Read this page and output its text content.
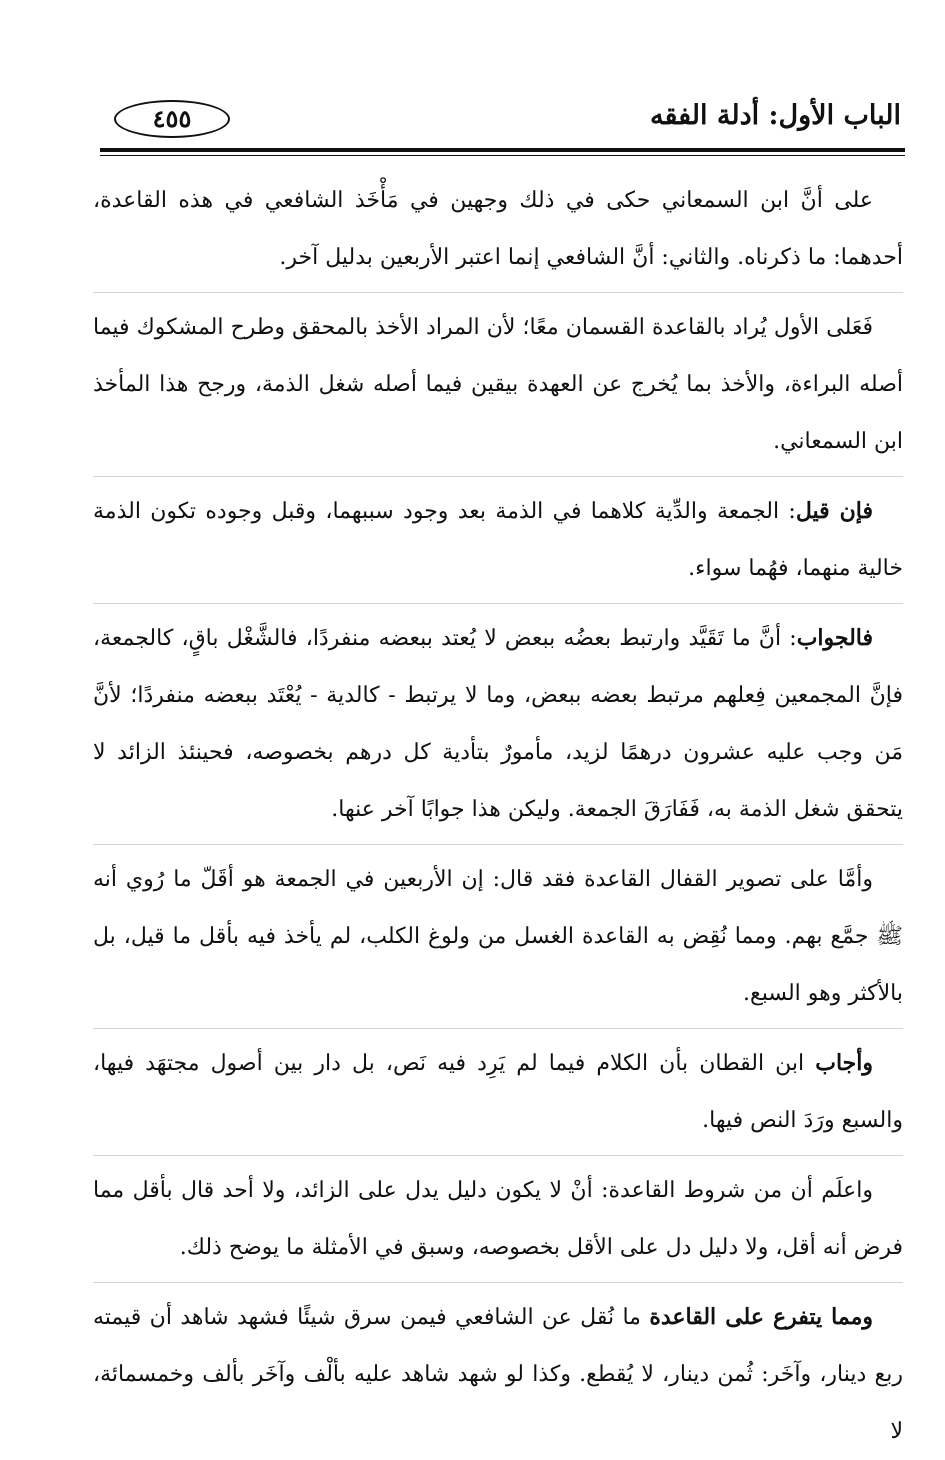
الباب الأول: أدلة الفقه
٤٥٥

على أنَّ ابن السمعاني حكى في ذلك وجهين في مَأْخَذ الشافعي في هذه القاعدة، أحدهما: ما ذكرناه. والثاني: أنَّ الشافعي إنما اعتبر الأربعين بدليل آخر.

فَعَلى الأول يُراد بالقاعدة القسمان معًا؛ لأن المراد الأخذ بالمحقق وطرح المشكوك فيما أصله البراءة، والأخذ بما يُخرج عن العهدة بيقين فيما أصله شغل الذمة، ورجح هذا المأخذ ابن السمعاني.

فإن قيل: الجمعة والدِّية كلاهما في الذمة بعد وجود سببهما، وقبل وجوده تكون الذمة خالية منهما، فهُما سواء.

فالجواب: أنَّ ما تَقَيَّد وارتبط بعضُه ببعض لا يُعتد ببعضه منفردًا، فالشَّغْل باقٍ، كالجمعة، فإنَّ المجمعين فِعلهم مرتبط بعضه ببعض، وما لا يرتبط - كالدية - يُعْتَد ببعضه منفردًا؛ لأنَّ مَن وجب عليه عشرون درهمًا لزيد، مأمورٌ بتأدية كل درهم بخصوصه، فحينئذ الزائد لا يتحقق شغل الذمة به، فَفَارَقَ الجمعة. وليكن هذا جوابًا آخر عنها.

وأمَّا على تصوير القفال القاعدة فقد قال: إن الأربعين في الجمعة هو أقَلّ ما رُوي أنه ﷺ جمَّع بهم. ومما نُقِض به القاعدة الغسل من ولوغ الكلب، لم يأخذ فيه بأقل ما قيل، بل بالأكثر وهو السبع.

وأجاب ابن القطان بأن الكلام فيما لم يَرِد فيه نَص، بل دار بين أصول مجتهَد فيها، والسبع ورَدَ النص فيها.

واعلَم أن من شروط القاعدة: أنْ لا يكون دليل يدل على الزائد، ولا أحد قال بأقل مما فرض أنه أقل، ولا دليل دل على الأقل بخصوصه، وسبق في الأمثلة ما يوضح ذلك.

ومما يتفرع على القاعدة ما نُقل عن الشافعي فيمن سرق شيئًا فشهد شاهد أن قيمته ربع دينار، وآخَر: ثُمن دينار، لا يُقطع. وكذا لو شهد شاهد عليه بألْف وآخَر بألف وخمسمائة، لا
